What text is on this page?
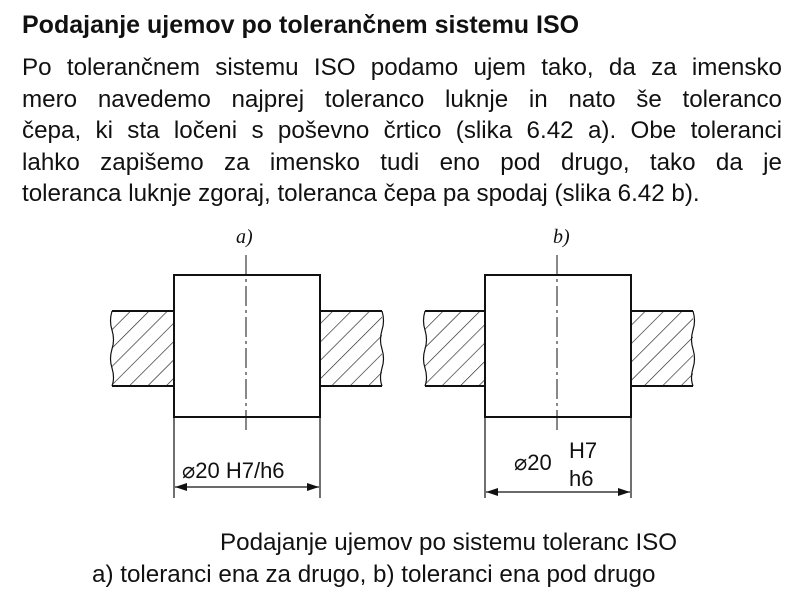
Podajanje ujemov po tolerančnem sistemu ISO
Po tolerančnem sistemu ISO podamo ujem tako, da za imensko
mero navedemo najprej toleranco luknje in nato še toleranco
čepa, ki sta ločeni s poševno črtico (slika 6.42 a). Obe toleranci
lahko zapišemo za imensko tudi eno pod drugo, tako da je
toleranca luknje zgoraj, toleranca čepa pa spodaj (slika 6.42 b).
a)
⌀20 H7/h6
b)
⌀20 H7
h6
Podajanje ujemov po sistemu toleranc ISO
a) toleranci ena za drugo, b) toleranci ena pod drugo
